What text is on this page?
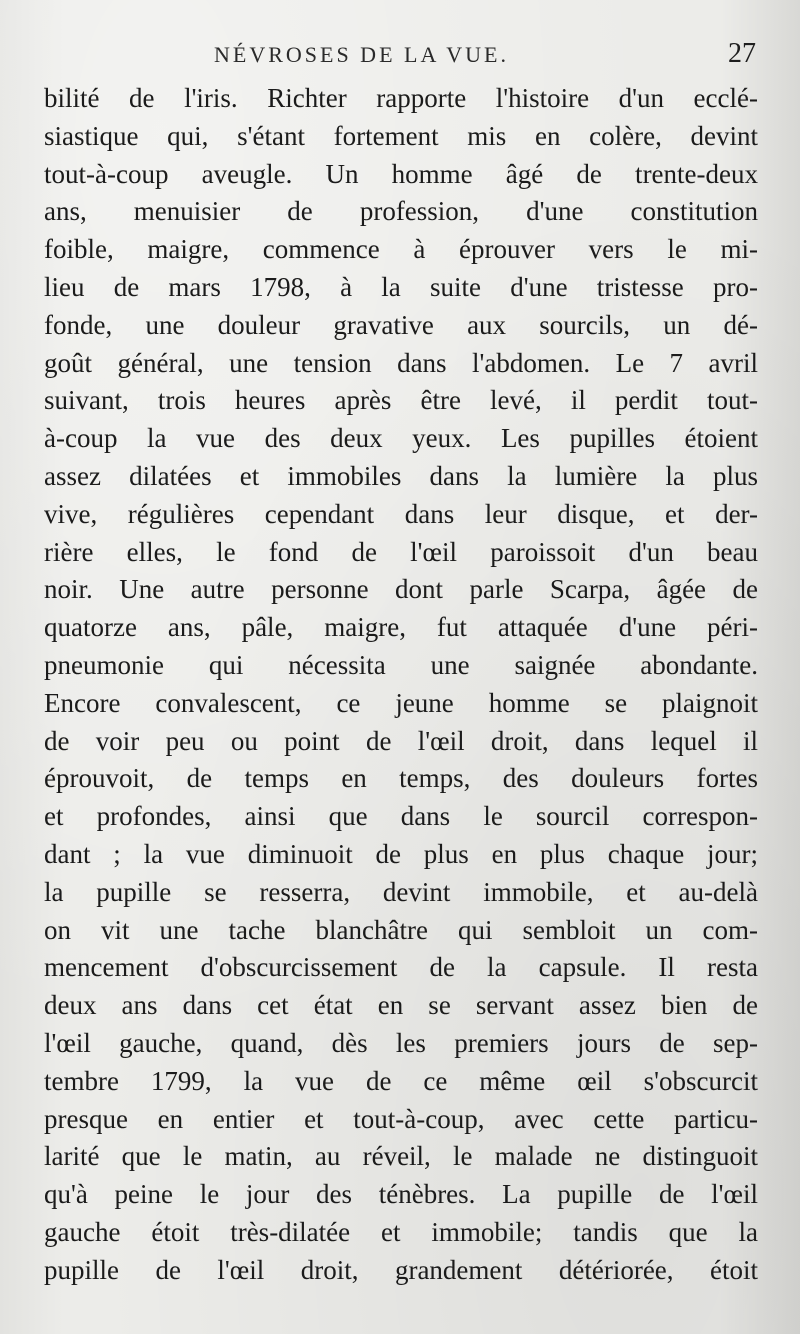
NÉVROSES DE LA VUE.	27
bilité de l'iris. Richter rapporte l'histoire d'un ecclé-
siastique qui, s'étant fortement mis en colère, devint
tout-à-coup aveugle. Un homme âgé de trente-deux
ans, menuisier de profession, d'une constitution
foible, maigre, commence à éprouver vers le mi-
lieu de mars 1798, à la suite d'une tristesse pro-
fonde, une douleur gravative aux sourcils, un dé-
goût général, une tension dans l'abdomen. Le 7 avril
suivant, trois heures après être levé, il perdit tout-
à-coup la vue des deux yeux. Les pupilles étoient
assez dilatées et immobiles dans la lumière la plus
vive, régulières cependant dans leur disque, et der-
rière elles, le fond de l'œil paroissoit d'un beau
noir. Une autre personne dont parle Scarpa, âgée de
quatorze ans, pâle, maigre, fut attaquée d'une péri-
pneumonie qui nécessita une saignée abondante.
Encore convalescent, ce jeune homme se plaignoit
de voir peu ou point de l'œil droit, dans lequel il
éprouvoit, de temps en temps, des douleurs fortes
et profondes, ainsi que dans le sourcil correspon-
dant ; la vue diminuoit de plus en plus chaque jour;
la pupille se resserra, devint immobile, et au-delà
on vit une tache blanchâtre qui sembloit un com-
mencement d'obscurcissement de la capsule. Il resta
deux ans dans cet état en se servant assez bien de
l'œil gauche, quand, dès les premiers jours de sep-
tembre 1799, la vue de ce même œil s'obscurcit
presque en entier et tout-à-coup, avec cette particu-
larité que le matin, au réveil, le malade ne distinguoit
qu'à peine le jour des ténèbres. La pupille de l'œil
gauche étoit très-dilatée et immobile; tandis que la
pupille de l'œil droit, grandement détériorée, étoit
